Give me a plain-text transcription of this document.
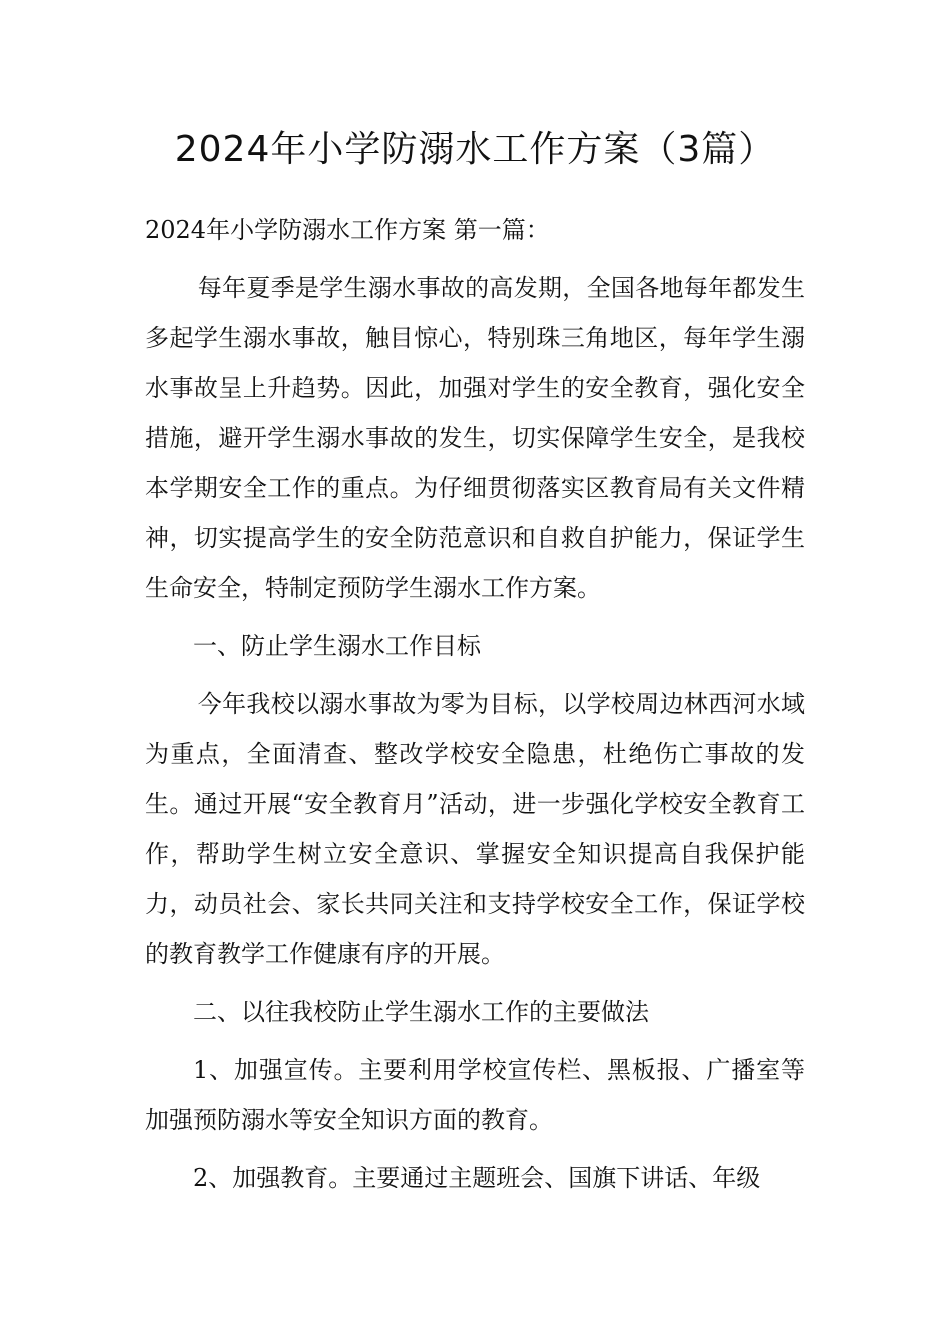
2024年小学防溺水工作方案（3篇）

2024年小学防溺水工作方案 第一篇：

每年夏季是学生溺水事故的高发期，全国各地每年都发生多起学生溺水事故，触目惊心，特别珠三角地区，每年学生溺水事故呈上升趋势。因此，加强对学生的安全教育，强化安全措施，避开学生溺水事故的发生，切实保障学生安全，是我校本学期安全工作的重点。为仔细贯彻落实区教育局有关文件精神，切实提高学生的安全防范意识和自救自护能力，保证学生生命安全，特制定预防学生溺水工作方案。

一、防止学生溺水工作目标

今年我校以溺水事故为零为目标，以学校周边林西河水域为重点，全面清查、整改学校安全隐患，杜绝伤亡事故的发生。通过开展“安全教育月”活动，进一步强化学校安全教育工作，帮助学生树立安全意识、掌握安全知识提高自我保护能力，动员社会、家长共同关注和支持学校安全工作，保证学校的教育教学工作健康有序的开展。

二、以往我校防止学生溺水工作的主要做法

1、加强宣传。主要利用学校宣传栏、黑板报、广播室等加强预防溺水等安全知识方面的教育。

2、加强教育。主要通过主题班会、国旗下讲话、年级
